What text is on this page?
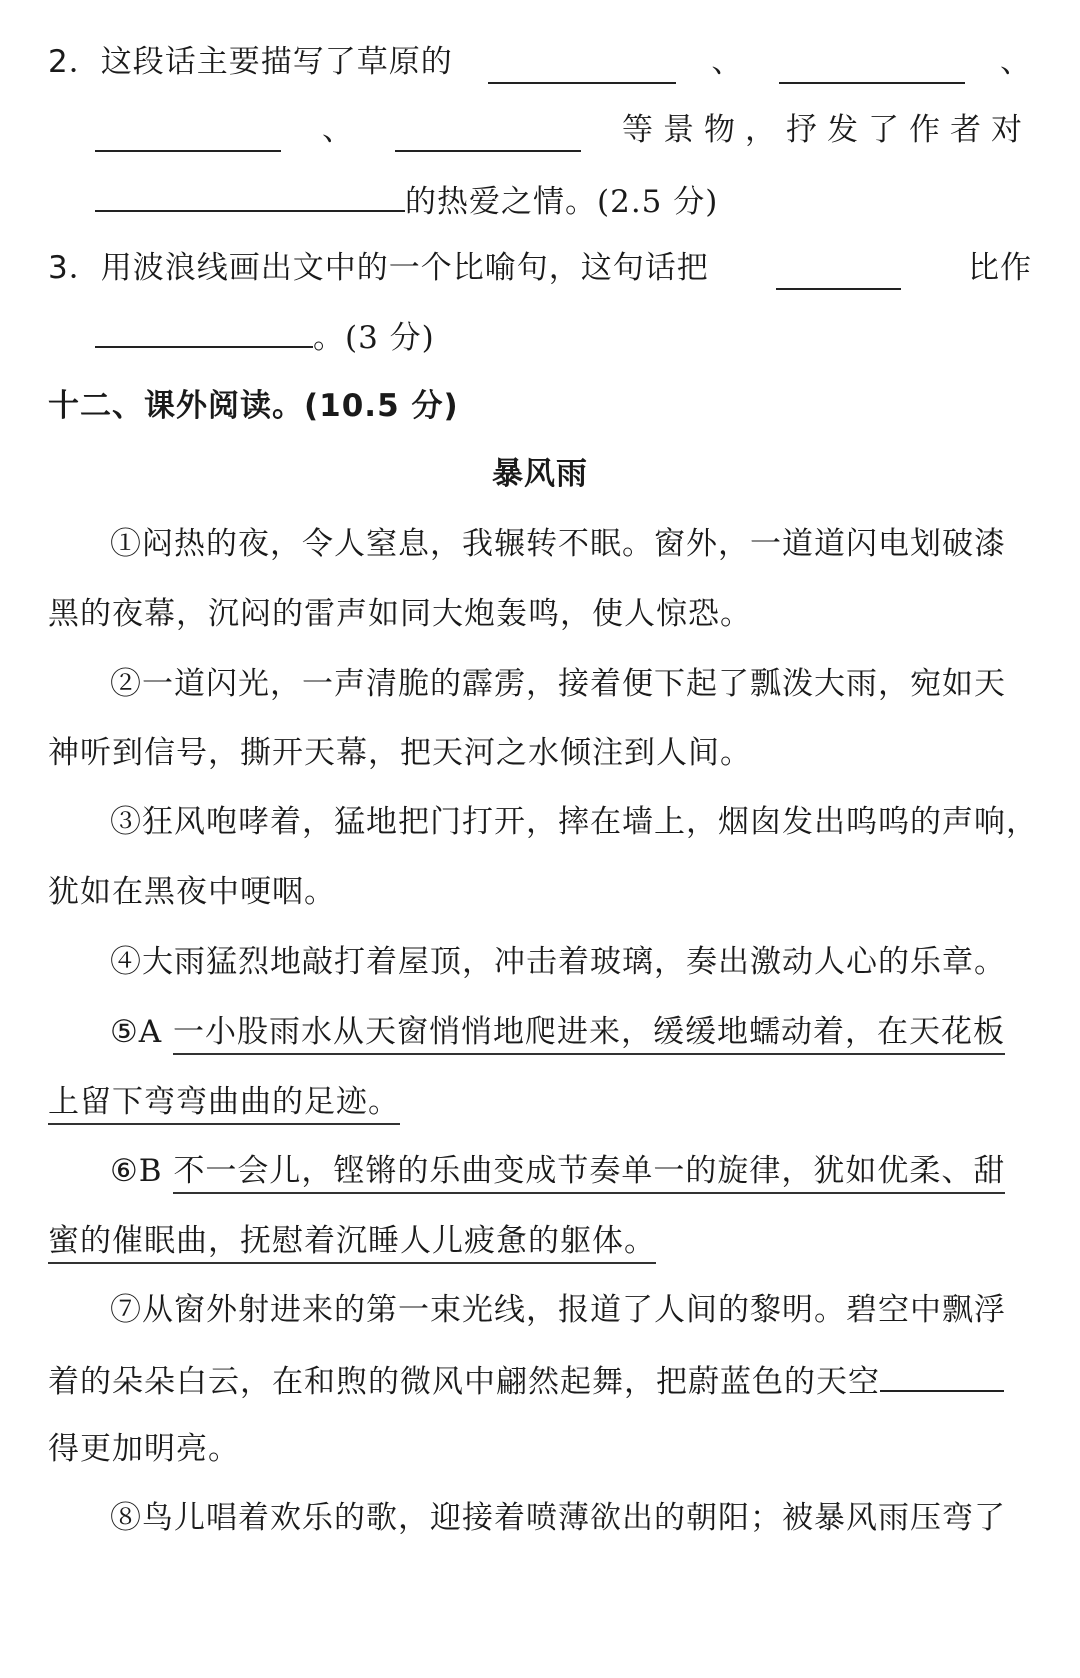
2．这段话主要描写了草原的	、	、
、	等景物，抒发了作者对
的热爱之情。(2.5 分)
3．用波浪线画出文中的一个比喻句，这句话把	比作
。(3 分)
十二、课外阅读。(10.5 分)
暴风雨
①闷热的夜，令人窒息，我辗转不眠。窗外，一道道闪电划破漆
黑的夜幕，沉闷的雷声如同大炮轰鸣，使人惊恐。
②一道闪光，一声清脆的霹雳，接着便下起了瓢泼大雨，宛如天
神听到信号，撕开天幕，把天河之水倾注到人间。
③狂风咆哮着，猛地把门打开，摔在墙上，烟囱发出呜呜的声响，
犹如在黑夜中哽咽。
④大雨猛烈地敲打着屋顶，冲击着玻璃，奏出激动人心的乐章。
⑤A 一小股雨水从天窗悄悄地爬进来，缓缓地蠕动着，在天花板
上留下弯弯曲曲的足迹。
⑥B 不一会儿，铿锵的乐曲变成节奏单一的旋律，犹如优柔、甜
蜜的催眠曲，抚慰着沉睡人儿疲惫的躯体。
⑦从窗外射进来的第一束光线，报道了人间的黎明。碧空中飘浮
着的朵朵白云，在和煦的微风中翩然起舞，把蔚蓝色的天空
得更加明亮。
⑧鸟儿唱着欢乐的歌，迎接着喷薄欲出的朝阳；被暴风雨压弯了
